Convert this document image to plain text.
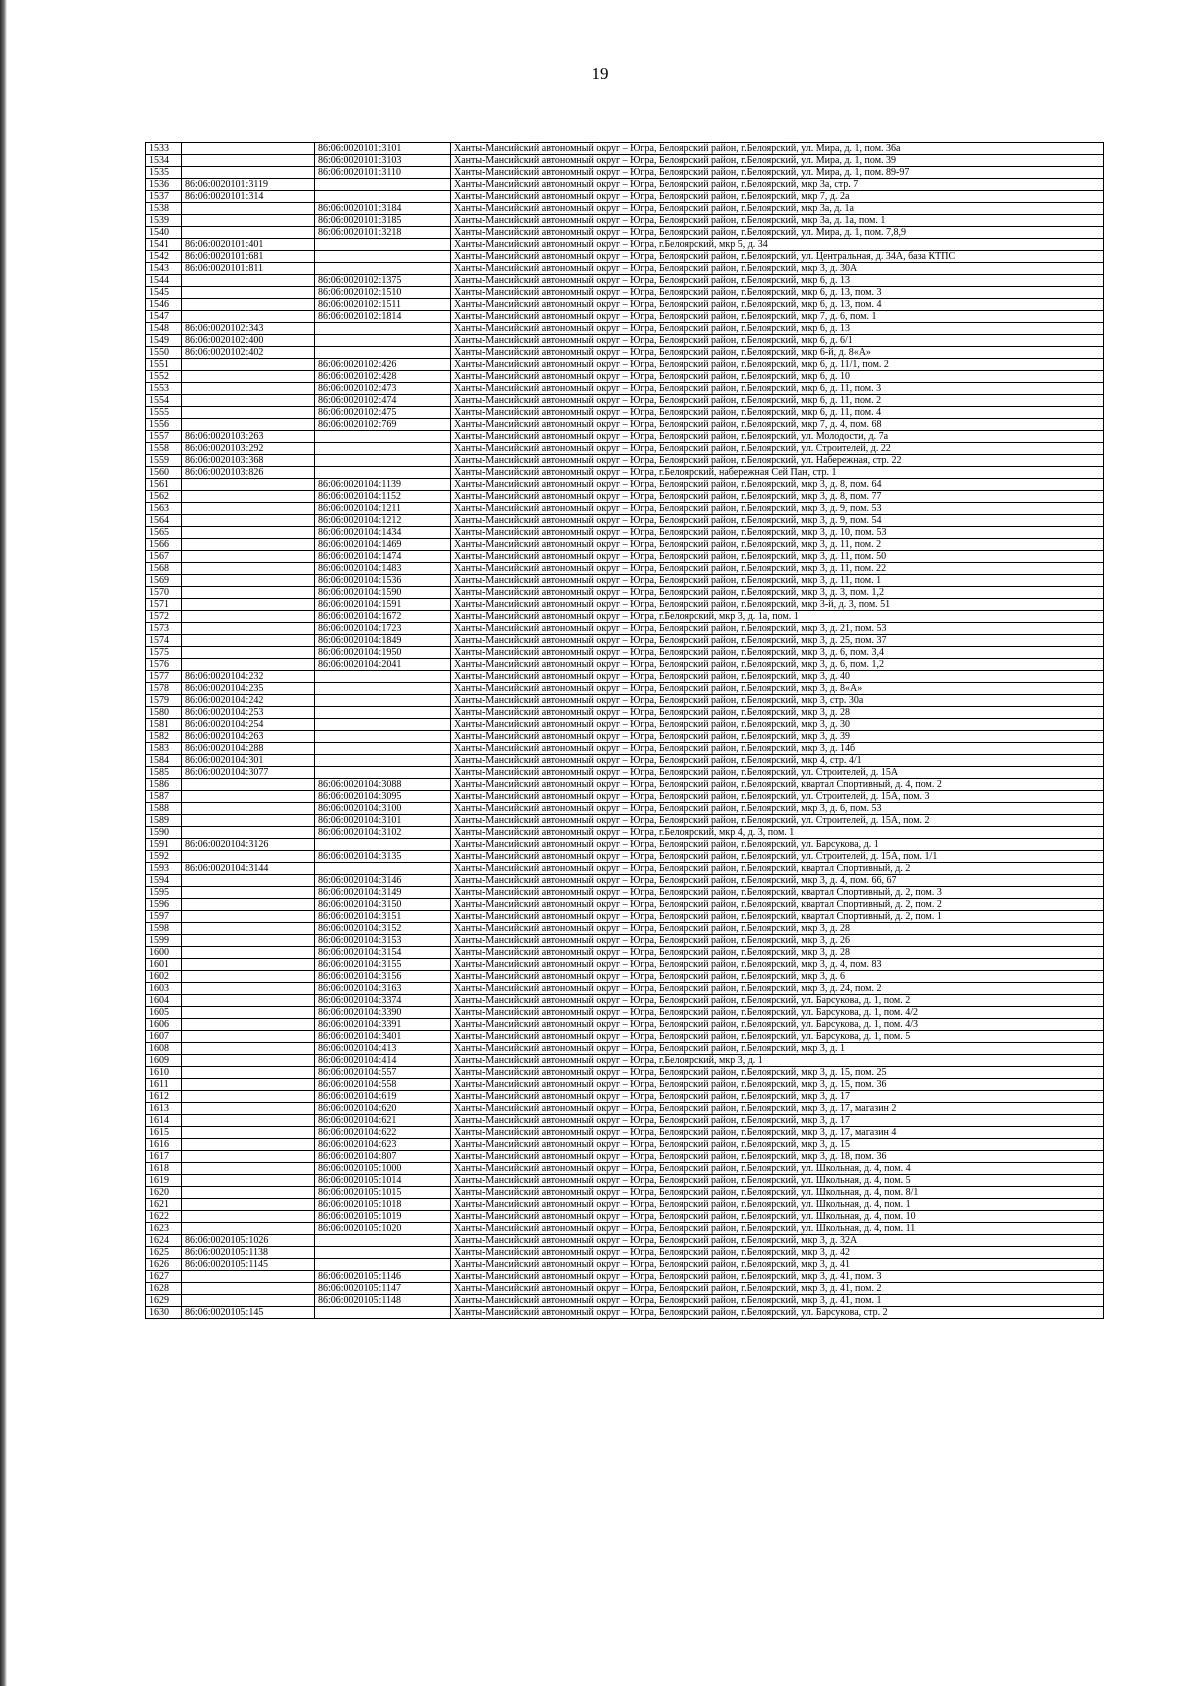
19
1533		86:06:0020101:3101	Ханты-Мансийский автономный округ – Югра, Белоярский район, г.Белоярский, ул. Мира, д. 1, пом. 36а
1534		86:06:0020101:3103	Ханты-Мансийский автономный округ – Югра, Белоярский район, г.Белоярский, ул. Мира, д. 1, пом. 39
1535		86:06:0020101:3110	Ханты-Мансийский автономный округ – Югра, Белоярский район, г.Белоярский, ул. Мира, д. 1, пом. 89-97
1536	86:06:0020101:3119		Ханты-Мансийский автономный округ – Югра, Белоярский район, г.Белоярский, мкр 3а, стр. 7
1537	86:06:0020101:314		Ханты-Мансийский автономный округ – Югра, Белоярский район, г.Белоярский, мкр 7, д. 2а
1538		86:06:0020101:3184	Ханты-Мансийский автономный округ – Югра, Белоярский район, г.Белоярский, мкр 3а, д. 1а
1539		86:06:0020101:3185	Ханты-Мансийский автономный округ – Югра, Белоярский район, г.Белоярский, мкр 3а, д. 1а, пом. 1
1540		86:06:0020101:3218	Ханты-Мансийский автономный округ – Югра, Белоярский район, г.Белоярский, ул. Мира, д. 1, пом. 7,8,9
1541	86:06:0020101:401		Ханты-Мансийский автономный округ – Югра, г.Белоярский, мкр 5, д. 34
1542	86:06:0020101:681		Ханты-Мансийский автономный округ – Югра, Белоярский район, г.Белоярский, ул. Центральная, д. 34А, база КТПС
1543	86:06:0020101:811		Ханты-Мансийский автономный округ – Югра, Белоярский район, г.Белоярский, мкр 3, д. 30А
1544		86:06:0020102:1375	Ханты-Мансийский автономный округ – Югра, Белоярский район, г.Белоярский, мкр 6, д. 13
1545		86:06:0020102:1510	Ханты-Мансийский автономный округ – Югра, Белоярский район, г.Белоярский, мкр 6, д. 13, пом. 3
1546		86:06:0020102:1511	Ханты-Мансийский автономный округ – Югра, Белоярский район, г.Белоярский, мкр 6, д. 13, пом. 4
1547		86:06:0020102:1814	Ханты-Мансийский автономный округ – Югра, Белоярский район, г.Белоярский, мкр 7, д. 6, пом. 1
1548	86:06:0020102:343		Ханты-Мансийский автономный округ – Югра, Белоярский район, г.Белоярский, мкр 6, д. 13
1549	86:06:0020102:400		Ханты-Мансийский автономный округ – Югра, Белоярский район, г.Белоярский, мкр 6, д. 6/1
1550	86:06:0020102:402		Ханты-Мансийский автономный округ – Югра, Белоярский район, г.Белоярский, мкр 6-й, д. 8«А»
1551		86:06:0020102:426	Ханты-Мансийский автономный округ – Югра, Белоярский район, г.Белоярский, мкр 6, д. 11/1, пом. 2
1552		86:06:0020102:428	Ханты-Мансийский автономный округ – Югра, Белоярский район, г.Белоярский, мкр 6, д. 10
1553		86:06:0020102:473	Ханты-Мансийский автономный округ – Югра, Белоярский район, г.Белоярский, мкр 6, д. 11, пом. 3
1554		86:06:0020102:474	Ханты-Мансийский автономный округ – Югра, Белоярский район, г.Белоярский, мкр 6, д. 11, пом. 2
1555		86:06:0020102:475	Ханты-Мансийский автономный округ – Югра, Белоярский район, г.Белоярский, мкр 6, д. 11, пом. 4
1556		86:06:0020102:769	Ханты-Мансийский автономный округ – Югра, Белоярский район, г.Белоярский, мкр 7, д. 4, пом. 68
1557	86:06:0020103:263		Ханты-Мансийский автономный округ – Югра, Белоярский район, г.Белоярский, ул. Молодости, д. 7а
1558	86:06:0020103:292		Ханты-Мансийский автономный округ – Югра, Белоярский район, г.Белоярский, ул. Строителей, д. 22
1559	86:06:0020103:368		Ханты-Мансийский автономный округ – Югра, Белоярский район, г.Белоярский, ул. Набережная, стр. 22
1560	86:06:0020103:826		Ханты-Мансийский автономный округ – Югра, г.Белоярский, набережная Сей Пан, стр. 1
1561		86:06:0020104:1139	Ханты-Мансийский автономный округ – Югра, Белоярский район, г.Белоярский, мкр 3, д. 8, пом. 64
1562		86:06:0020104:1152	Ханты-Мансийский автономный округ – Югра, Белоярский район, г.Белоярский, мкр 3, д. 8, пом. 77
1563		86:06:0020104:1211	Ханты-Мансийский автономный округ – Югра, Белоярский район, г.Белоярский, мкр 3, д. 9, пом. 53
1564		86:06:0020104:1212	Ханты-Мансийский автономный округ – Югра, Белоярский район, г.Белоярский, мкр 3, д. 9, пом. 54
1565		86:06:0020104:1434	Ханты-Мансийский автономный округ – Югра, Белоярский район, г.Белоярский, мкр 3, д. 10, пом. 53
1566		86:06:0020104:1469	Ханты-Мансийский автономный округ – Югра, Белоярский район, г.Белоярский, мкр 3, д. 11, пом. 2
1567		86:06:0020104:1474	Ханты-Мансийский автономный округ – Югра, Белоярский район, г.Белоярский, мкр 3, д. 11, пом. 50
1568		86:06:0020104:1483	Ханты-Мансийский автономный округ – Югра, Белоярский район, г.Белоярский, мкр 3, д. 11, пом. 22
1569		86:06:0020104:1536	Ханты-Мансийский автономный округ – Югра, Белоярский район, г.Белоярский, мкр 3, д. 11, пом. 1
1570		86:06:0020104:1590	Ханты-Мансийский автономный округ – Югра, Белоярский район, г.Белоярский, мкр 3, д. 3, пом. 1,2
1571		86:06:0020104:1591	Ханты-Мансийский автономный округ – Югра, Белоярский район, г.Белоярский, мкр 3-й, д. 3, пом. 51
1572		86:06:0020104:1672	Ханты-Мансийский автономный округ – Югра, г.Белоярский, мкр 3, д. 1а, пом. 1
1573		86:06:0020104:1723	Ханты-Мансийский автономный округ – Югра, Белоярский район, г.Белоярский, мкр 3, д. 21, пом. 53
1574		86:06:0020104:1849	Ханты-Мансийский автономный округ – Югра, Белоярский район, г.Белоярский, мкр 3, д. 25, пом. 37
1575		86:06:0020104:1950	Ханты-Мансийский автономный округ – Югра, Белоярский район, г.Белоярский, мкр 3, д. 6, пом. 3,4
1576		86:06:0020104:2041	Ханты-Мансийский автономный округ – Югра, Белоярский район, г.Белоярский, мкр 3, д. 6, пом. 1,2
1577	86:06:0020104:232		Ханты-Мансийский автономный округ – Югра, Белоярский район, г.Белоярский, мкр 3, д. 40
1578	86:06:0020104:235		Ханты-Мансийский автономный округ – Югра, Белоярский район, г.Белоярский, мкр 3, д. 8«А»
1579	86:06:0020104:242		Ханты-Мансийский автономный округ – Югра, Белоярский район, г.Белоярский, мкр 3, стр. 30а
1580	86:06:0020104:253		Ханты-Мансийский автономный округ – Югра, Белоярский район, г.Белоярский, мкр 3, д. 28
1581	86:06:0020104:254		Ханты-Мансийский автономный округ – Югра, Белоярский район, г.Белоярский, мкр 3, д. 30
1582	86:06:0020104:263		Ханты-Мансийский автономный округ – Югра, Белоярский район, г.Белоярский, мкр 3, д. 39
1583	86:06:0020104:288		Ханты-Мансийский автономный округ – Югра, Белоярский район, г.Белоярский, мкр 3, д. 14б
1584	86:06:0020104:301		Ханты-Мансийский автономный округ – Югра, Белоярский район, г.Белоярский, мкр 4, стр. 4/1
1585	86:06:0020104:3077		Ханты-Мансийский автономный округ – Югра, Белоярский район, г.Белоярский, ул. Строителей, д. 15А
1586		86:06:0020104:3088	Ханты-Мансийский автономный округ – Югра, Белоярский район, г.Белоярский, квартал Спортивный, д. 4, пом. 2
1587		86:06:0020104:3095	Ханты-Мансийский автономный округ – Югра, Белоярский район, г.Белоярский, ул. Строителей, д. 15А, пом. 3
1588		86:06:0020104:3100	Ханты-Мансийский автономный округ – Югра, Белоярский район, г.Белоярский, мкр 3, д. 6, пом. 53
1589		86:06:0020104:3101	Ханты-Мансийский автономный округ – Югра, Белоярский район, г.Белоярский, ул. Строителей, д. 15А, пом. 2
1590		86:06:0020104:3102	Ханты-Мансийский автономный округ – Югра, г.Белоярский, мкр 4, д. 3, пом. 1
1591	86:06:0020104:3126		Ханты-Мансийский автономный округ – Югра, Белоярский район, г.Белоярский, ул. Барсукова, д. 1
1592		86:06:0020104:3135	Ханты-Мансийский автономный округ – Югра, Белоярский район, г.Белоярский, ул. Строителей, д. 15А, пом. 1/1
1593	86:06:0020104:3144		Ханты-Мансийский автономный округ – Югра, Белоярский район, г.Белоярский, квартал Спортивный, д. 2
1594		86:06:0020104:3146	Ханты-Мансийский автономный округ – Югра, Белоярский район, г.Белоярский, мкр 3, д. 4, пом. 66, 67
1595		86:06:0020104:3149	Ханты-Мансийский автономный округ – Югра, Белоярский район, г.Белоярский, квартал Спортивный, д. 2, пом. 3
1596		86:06:0020104:3150	Ханты-Мансийский автономный округ – Югра, Белоярский район, г.Белоярский, квартал Спортивный, д. 2, пом. 2
1597		86:06:0020104:3151	Ханты-Мансийский автономный округ – Югра, Белоярский район, г.Белоярский, квартал Спортивный, д. 2, пом. 1
1598		86:06:0020104:3152	Ханты-Мансийский автономный округ – Югра, Белоярский район, г.Белоярский, мкр 3, д. 28
1599		86:06:0020104:3153	Ханты-Мансийский автономный округ – Югра, Белоярский район, г.Белоярский, мкр 3, д. 26
1600		86:06:0020104:3154	Ханты-Мансийский автономный округ – Югра, Белоярский район, г.Белоярский, мкр 3, д. 28
1601		86:06:0020104:3155	Ханты-Мансийский автономный округ – Югра, Белоярский район, г.Белоярский, мкр 3, д. 4, пом. 83
1602		86:06:0020104:3156	Ханты-Мансийский автономный округ – Югра, Белоярский район, г.Белоярский, мкр 3, д. 6
1603		86:06:0020104:3163	Ханты-Мансийский автономный округ – Югра, Белоярский район, г.Белоярский, мкр 3, д. 24, пом. 2
1604		86:06:0020104:3374	Ханты-Мансийский автономный округ – Югра, Белоярский район, г.Белоярский, ул. Барсукова, д. 1, пом. 2
1605		86:06:0020104:3390	Ханты-Мансийский автономный округ – Югра, Белоярский район, г.Белоярский, ул. Барсукова, д. 1, пом. 4/2
1606		86:06:0020104:3391	Ханты-Мансийский автономный округ – Югра, Белоярский район, г.Белоярский, ул. Барсукова, д. 1, пом. 4/3
1607		86:06:0020104:3401	Ханты-Мансийский автономный округ – Югра, Белоярский район, г.Белоярский, ул. Барсукова, д. 1, пом. 5
1608		86:06:0020104:413	Ханты-Мансийский автономный округ – Югра, Белоярский район, г.Белоярский, мкр 3, д. 1
1609		86:06:0020104:414	Ханты-Мансийский автономный округ – Югра, г.Белоярский, мкр 3, д. 1
1610		86:06:0020104:557	Ханты-Мансийский автономный округ – Югра, Белоярский район, г.Белоярский, мкр 3, д. 15, пом. 25
1611		86:06:0020104:558	Ханты-Мансийский автономный округ – Югра, Белоярский район, г.Белоярский, мкр 3, д. 15, пом. 36
1612		86:06:0020104:619	Ханты-Мансийский автономный округ – Югра, Белоярский район, г.Белоярский, мкр 3, д. 17
1613		86:06:0020104:620	Ханты-Мансийский автономный округ – Югра, Белоярский район, г.Белоярский, мкр 3, д. 17, магазин 2
1614		86:06:0020104:621	Ханты-Мансийский автономный округ – Югра, Белоярский район, г.Белоярский, мкр 3, д. 17
1615		86:06:0020104:622	Ханты-Мансийский автономный округ – Югра, Белоярский район, г.Белоярский, мкр 3, д. 17, магазин 4
1616		86:06:0020104:623	Ханты-Мансийский автономный округ – Югра, Белоярский район, г.Белоярский, мкр 3, д. 15
1617		86:06:0020104:807	Ханты-Мансийский автономный округ – Югра, Белоярский район, г.Белоярский, мкр 3, д. 18, пом. 36
1618		86:06:0020105:1000	Ханты-Мансийский автономный округ – Югра, Белоярский район, г.Белоярский, ул. Школьная, д. 4, пом. 4
1619		86:06:0020105:1014	Ханты-Мансийский автономный округ – Югра, Белоярский район, г.Белоярский, ул. Школьная, д. 4, пом. 5
1620		86:06:0020105:1015	Ханты-Мансийский автономный округ – Югра, Белоярский район, г.Белоярский, ул. Школьная, д. 4, пом. 8/1
1621		86:06:0020105:1018	Ханты-Мансийский автономный округ – Югра, Белоярский район, г.Белоярский, ул. Школьная, д. 4, пом. 1
1622		86:06:0020105:1019	Ханты-Мансийский автономный округ – Югра, Белоярский район, г.Белоярский, ул. Школьная, д. 4, пом. 10
1623		86:06:0020105:1020	Ханты-Мансийский автономный округ – Югра, Белоярский район, г.Белоярский, ул. Школьная, д. 4, пом. 11
1624	86:06:0020105:1026		Ханты-Мансийский автономный округ – Югра, Белоярский район, г.Белоярский, мкр 3, д. 32А
1625	86:06:0020105:1138		Ханты-Мансийский автономный округ – Югра, Белоярский район, г.Белоярский, мкр 3, д. 42
1626	86:06:0020105:1145		Ханты-Мансийский автономный округ – Югра, Белоярский район, г.Белоярский, мкр 3, д. 41
1627		86:06:0020105:1146	Ханты-Мансийский автономный округ – Югра, Белоярский район, г.Белоярский, мкр 3, д. 41, пом. 3
1628		86:06:0020105:1147	Ханты-Мансийский автономный округ – Югра, Белоярский район, г.Белоярский, мкр 3, д. 41, пом. 2
1629		86:06:0020105:1148	Ханты-Мансийский автономный округ – Югра, Белоярский район, г.Белоярский, мкр 3, д. 41, пом. 1
1630	86:06:0020105:145		Ханты-Мансийский автономный округ – Югра, Белоярский район, г.Белоярский, ул. Барсукова, стр. 2
